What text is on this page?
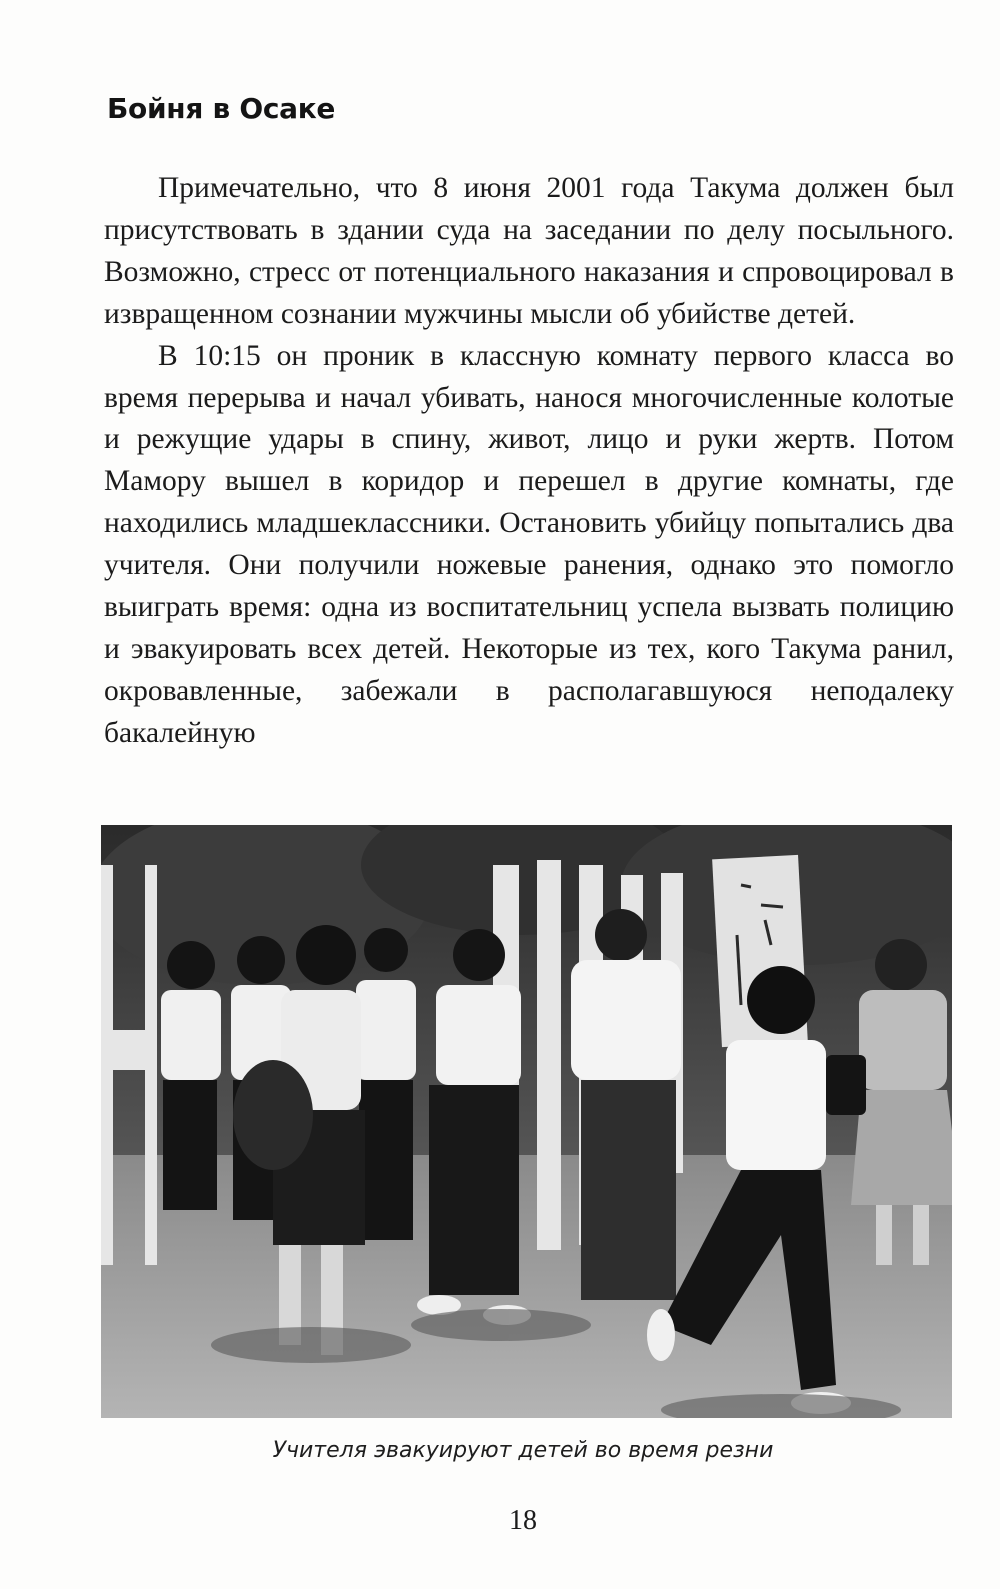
Бойня в Осаке

Примечательно, что 8 июня 2001 года Такума должен был присутствовать в здании суда на заседании по делу посыльного. Возможно, стресс от потенциального наказания и спровоцировал в извращенном сознании мужчины мысли об убийстве детей.

В 10:15 он проник в классную комнату первого класса во время перерыва и начал убивать, нанося многочисленные колотые и режущие удары в спину, живот, лицо и руки жертв. Потом Мамору вышел в коридор и перешел в другие комнаты, где находились младшеклассники. Остановить убийцу попытались два учителя. Они получили ножевые ранения, однако это помогло выиграть время: одна из воспитательниц успела вызвать полицию и эвакуировать всех детей. Некоторые из тех, кого Такума ранил, окровавленные, забежали в располагавшуюся неподалеку бакалейную

Учителя эвакуируют детей во время резни
18
